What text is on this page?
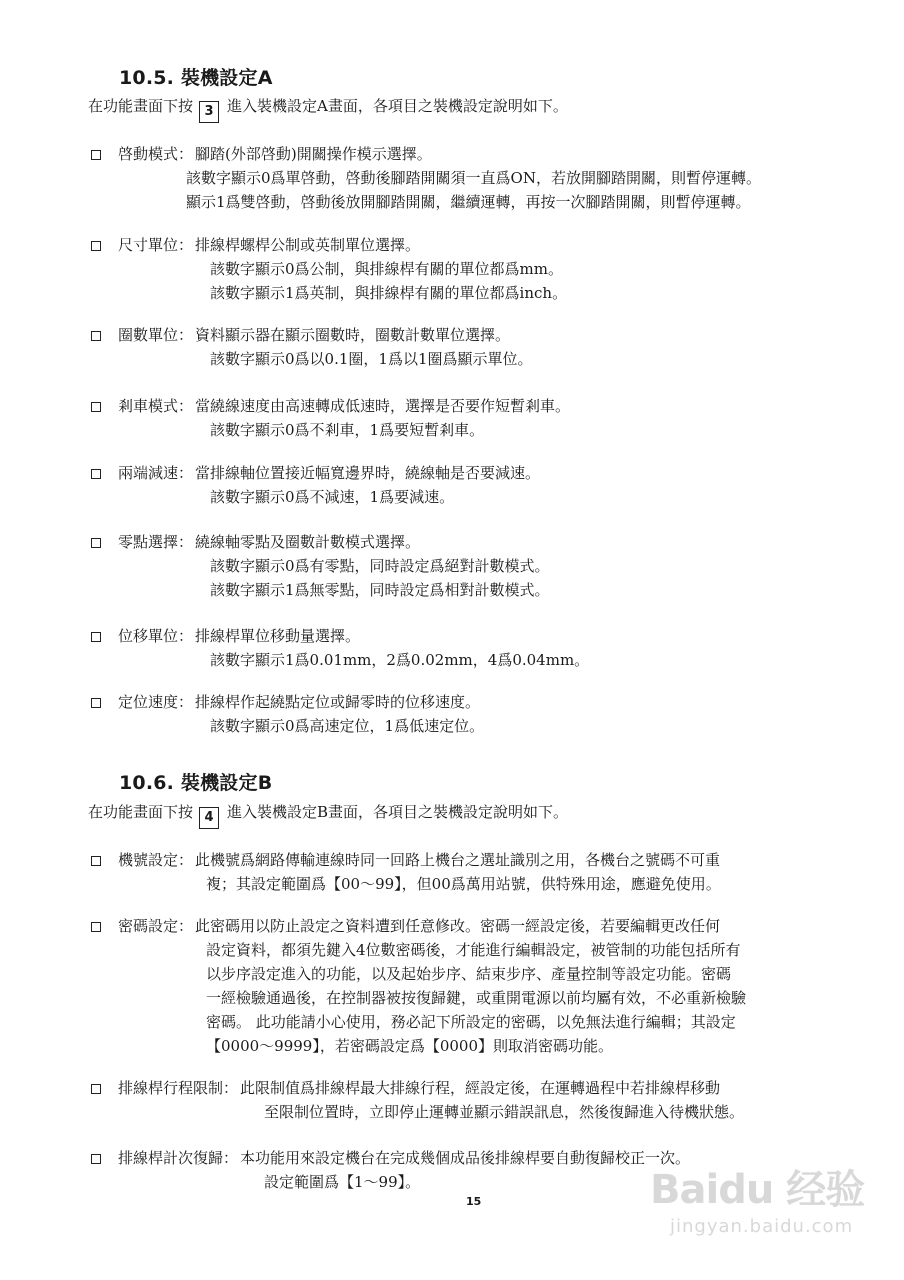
10.5. 裝機設定A
在功能畫面下按 3 進入裝機設定A畫面，各項目之裝機設定說明如下。
啓動模式： 腳踏(外部啓動)開關操作模示選擇。
該數字顯示0爲單啓動，啓動後腳踏開關須一直爲ON，若放開腳踏開關，則暫停運轉。
顯示1爲雙啓動，啓動後放開腳踏開關，繼續運轉，再按一次腳踏開關，則暫停運轉。
尺寸單位： 排線桿螺桿公制或英制單位選擇。
該數字顯示0爲公制，與排線桿有關的單位都爲mm。
該數字顯示1爲英制，與排線桿有關的單位都爲inch。
圈數單位： 資料顯示器在顯示圈數時，圈數計數單位選擇。
該數字顯示0爲以0.1圈，1爲以1圈爲顯示單位。
剎車模式： 當繞線速度由高速轉成低速時，選擇是否要作短暫剎車。
該數字顯示0爲不剎車，1爲要短暫剎車。
兩端減速： 當排線軸位置接近幅寬邊界時，繞線軸是否要減速。
該數字顯示0爲不減速，1爲要減速。
零點選擇： 繞線軸零點及圈數計數模式選擇。
該數字顯示0爲有零點，同時設定爲絕對計數模式。
該數字顯示1爲無零點，同時設定爲相對計數模式。
位移單位： 排線桿單位移動量選擇。
該數字顯示1爲0.01mm，2爲0.02mm，4爲0.04mm。
定位速度： 排線桿作起繞點定位或歸零時的位移速度。
該數字顯示0爲高速定位，1爲低速定位。
10.6. 裝機設定B
在功能畫面下按 4 進入裝機設定B畫面，各項目之裝機設定說明如下。
機號設定： 此機號爲網路傳輸連線時同一回路上機台之選址識別之用，各機台之號碼不可重
複；其設定範圍爲【00～99】，但00爲萬用站號，供特殊用途，應避免使用。
密碼設定： 此密碼用以防止設定之資料遭到任意修改。密碼一經設定後，若要編輯更改任何
設定資料，都須先鍵入4位數密碼後，才能進行編輯設定，被管制的功能包括所有
以步序設定進入的功能，以及起始步序、結束步序、產量控制等設定功能。密碼
一經檢驗通過後，在控制器被按復歸鍵，或重開電源以前均屬有效，不必重新檢驗
密碼。 此功能請小心使用，務必記下所設定的密碼，以免無法進行編輯；其設定
【0000～9999】，若密碼設定爲【0000】則取消密碼功能。
排線桿行程限制： 此限制值爲排線桿最大排線行程，經設定後，在運轉過程中若排線桿移動
至限制位置時，立即停止運轉並顯示錯誤訊息，然後復歸進入待機狀態。
排線桿計次復歸： 本功能用來設定機台在完成幾個成品後排線桿要自動復歸校正一次。
設定範圍爲【1～99】。
15	Baidu 经验
jingyan.baidu.com
